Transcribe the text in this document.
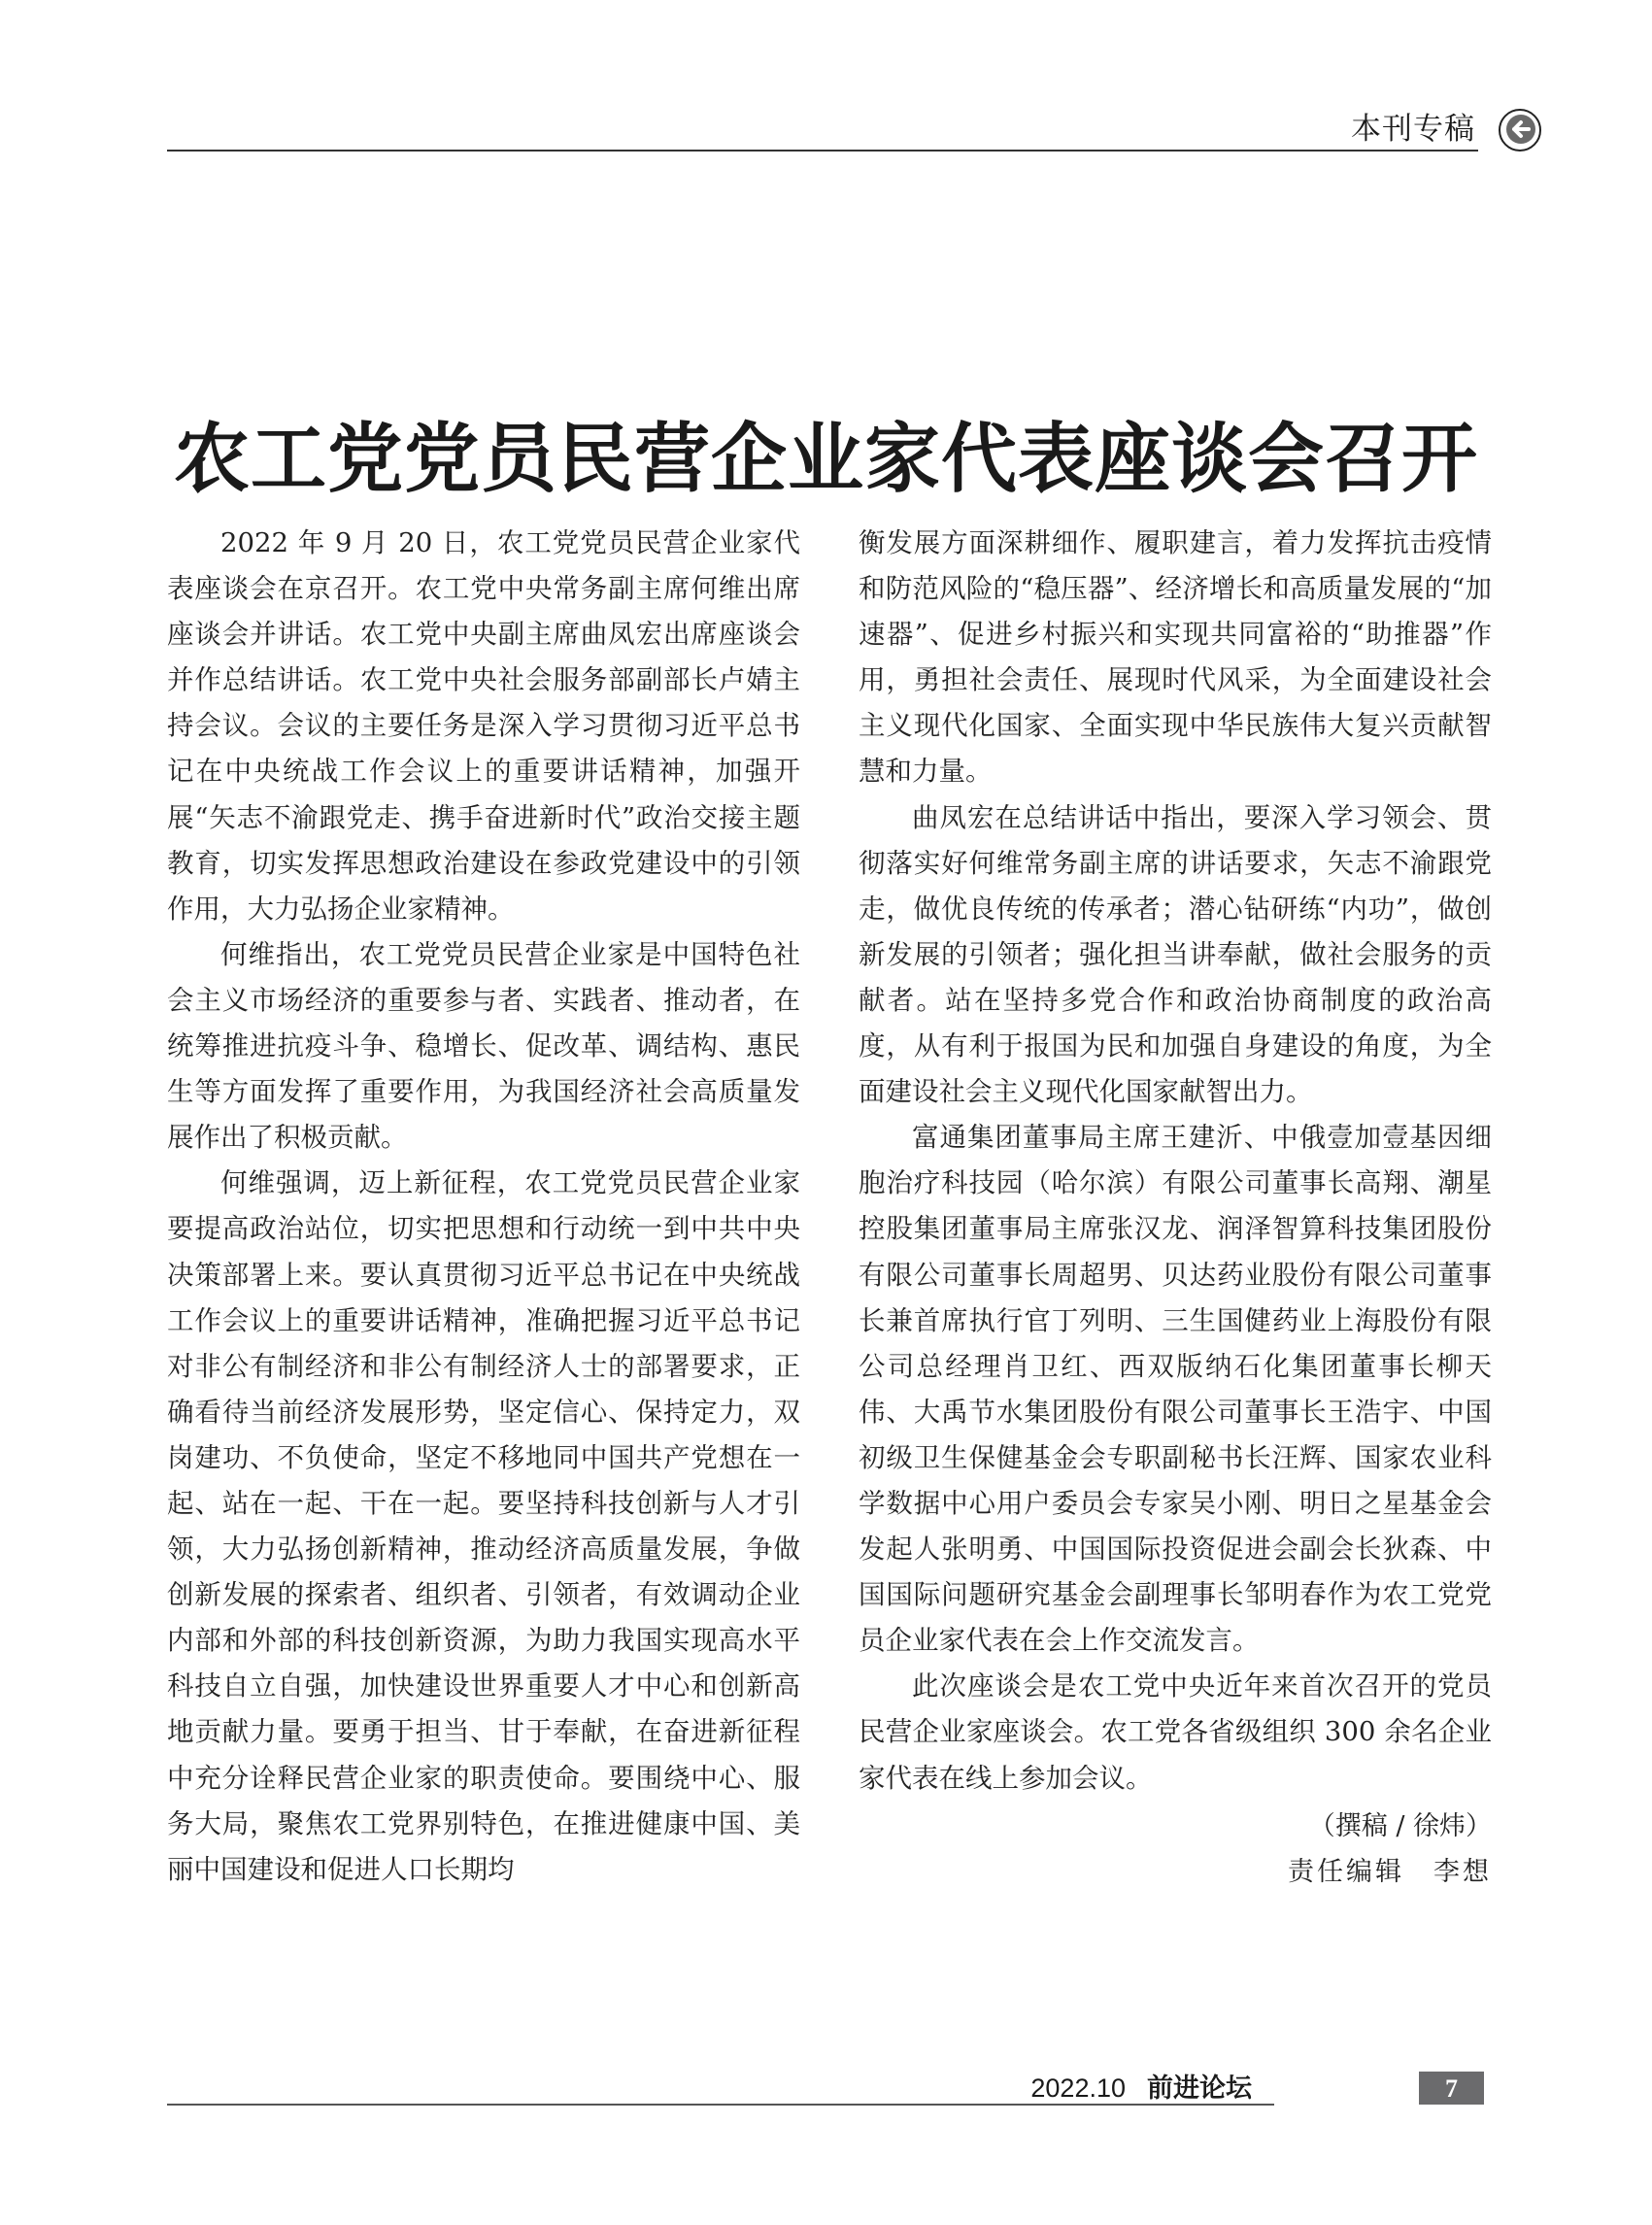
本刊专稿
农工党党员民营企业家代表座谈会召开

2022 年 9 月 20 日，农工党党员民营企业家代表座谈会在京召开。农工党中央常务副主席何维出席座谈会并讲话。农工党中央副主席曲凤宏出席座谈会并作总结讲话。农工党中央社会服务部副部长卢婧主持会议。会议的主要任务是深入学习贯彻习近平总书记在中央统战工作会议上的重要讲话精神，加强开展“矢志不渝跟党走、携手奋进新时代”政治交接主题教育，切实发挥思想政治建设在参政党建设中的引领作用，大力弘扬企业家精神。

何维指出，农工党党员民营企业家是中国特色社会主义市场经济的重要参与者、实践者、推动者，在统筹推进抗疫斗争、稳增长、促改革、调结构、惠民生等方面发挥了重要作用，为我国经济社会高质量发展作出了积极贡献。

何维强调，迈上新征程，农工党党员民营企业家要提高政治站位，切实把思想和行动统一到中共中央决策部署上来。要认真贯彻习近平总书记在中央统战工作会议上的重要讲话精神，准确把握习近平总书记对非公有制经济和非公有制经济人士的部署要求，正确看待当前经济发展形势，坚定信心、保持定力，双岗建功、不负使命，坚定不移地同中国共产党想在一起、站在一起、干在一起。要坚持科技创新与人才引领，大力弘扬创新精神，推动经济高质量发展，争做创新发展的探索者、组织者、引领者，有效调动企业内部和外部的科技创新资源，为助力我国实现高水平科技自立自强，加快建设世界重要人才中心和创新高地贡献力量。要勇于担当、甘于奉献，在奋进新征程中充分诠释民营企业家的职责使命。要围绕中心、服务大局，聚焦农工党界别特色，在推进健康中国、美丽中国建设和促进人口长期均

衡发展方面深耕细作、履职建言，着力发挥抗击疫情和防范风险的“稳压器”、经济增长和高质量发展的“加速器”、促进乡村振兴和实现共同富裕的“助推器”作用，勇担社会责任、展现时代风采，为全面建设社会主义现代化国家、全面实现中华民族伟大复兴贡献智慧和力量。

曲凤宏在总结讲话中指出，要深入学习领会、贯彻落实好何维常务副主席的讲话要求，矢志不渝跟党走，做优良传统的传承者；潜心钻研练“内功”，做创新发展的引领者；强化担当讲奉献，做社会服务的贡献者。站在坚持多党合作和政治协商制度的政治高度，从有利于报国为民和加强自身建设的角度，为全面建设社会主义现代化国家献智出力。

富通集团董事局主席王建沂、中俄壹加壹基因细胞治疗科技园（哈尔滨）有限公司董事长高翔、潮星控股集团董事局主席张汉龙、润泽智算科技集团股份有限公司董事长周超男、贝达药业股份有限公司董事长兼首席执行官丁列明、三生国健药业上海股份有限公司总经理肖卫红、西双版纳石化集团董事长柳天伟、大禹节水集团股份有限公司董事长王浩宇、中国初级卫生保健基金会专职副秘书长汪辉、国家农业科学数据中心用户委员会专家吴小刚、明日之星基金会发起人张明勇、中国国际投资促进会副会长狄森、中国国际问题研究基金会副理事长邹明春作为农工党党员企业家代表在会上作交流发言。

此次座谈会是农工党中央近年来首次召开的党员民营企业家座谈会。农工党各省级组织 300 余名企业家代表在线上参加会议。

（撰稿 / 徐炜）
责任编辑　李想
2022.10 前进论坛	7
